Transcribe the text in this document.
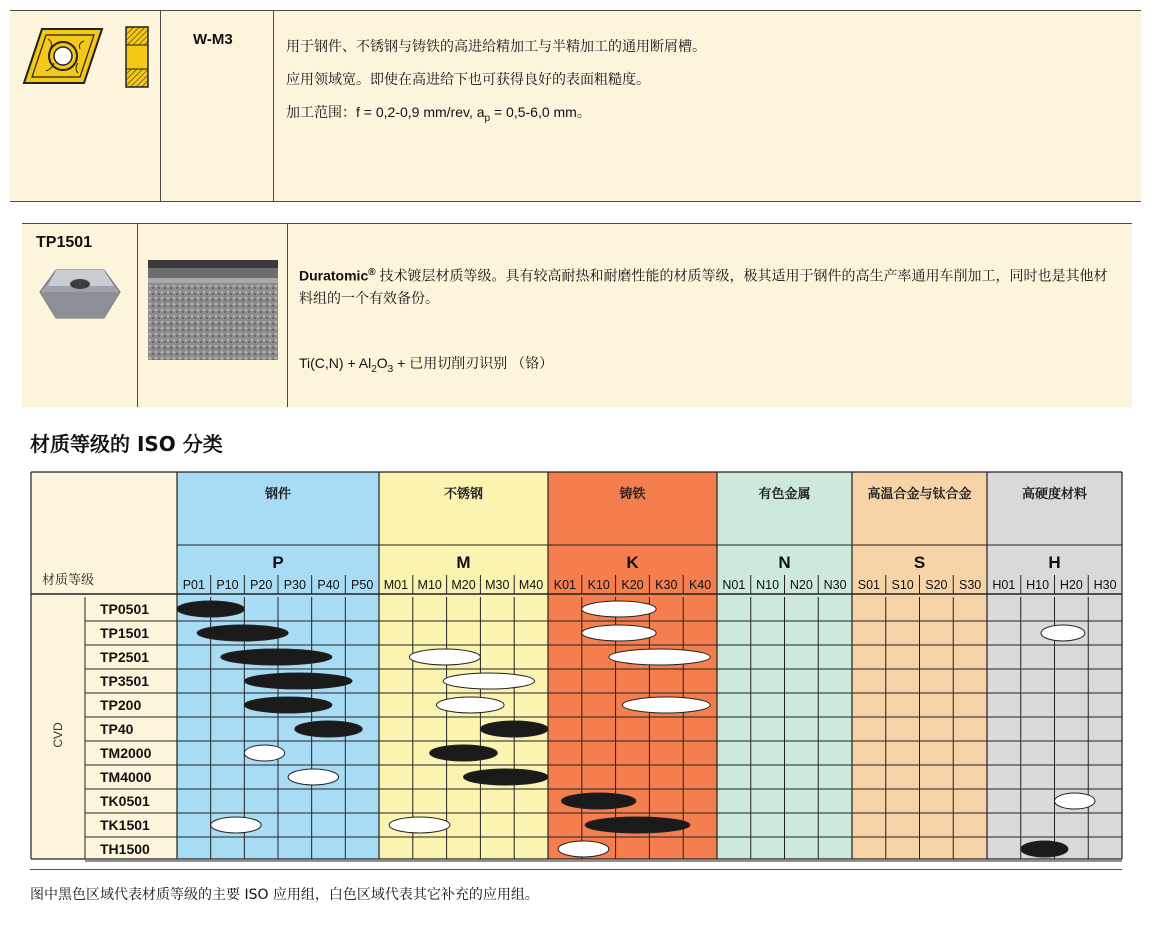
W-M3	用于钢件、不锈钢与铸铁的高进给精加工与半精加工的通用断屑槽。
应用领域宽。即使在高进给下也可获得良好的表面粗糙度。
加工范围：f = 0,2-0,9 mm/rev, $a_p = 0,5-6,0$ mm。
TP1501
Duratomic® 技术镀层材质等级。具有较高耐热和耐磨性能的材质等级，极其适用于钢件的高生产率通用车削加工，同时也是其他材料组的一个有效备份。
$Ti(C,N) + Al_2O_3$ + 已用切削刃识别 （铬）
材质等级的 ISO 分类
钢件
P
P01 P10 P20 P30 P40 P50
不锈钢
M
M01 M10 M20 M30 M40
铸铁
K
K01 K10 K20 K30 K40
有色金属
N
N01 N10 N20 N30
高温合金与钛合金
S
S01 S10 S20 S30
高硬度材料
H
H01 H10 H20 H30
材质等级
CVD
TP0501
TP1501
TP2501
TP3501
TP200
TP40
TM2000
TM4000
TK0501
TK1501
TH1500
图中黑色区域代表材质等级的主要 ISO 应用组，白色区域代表其它补充的应用组。
